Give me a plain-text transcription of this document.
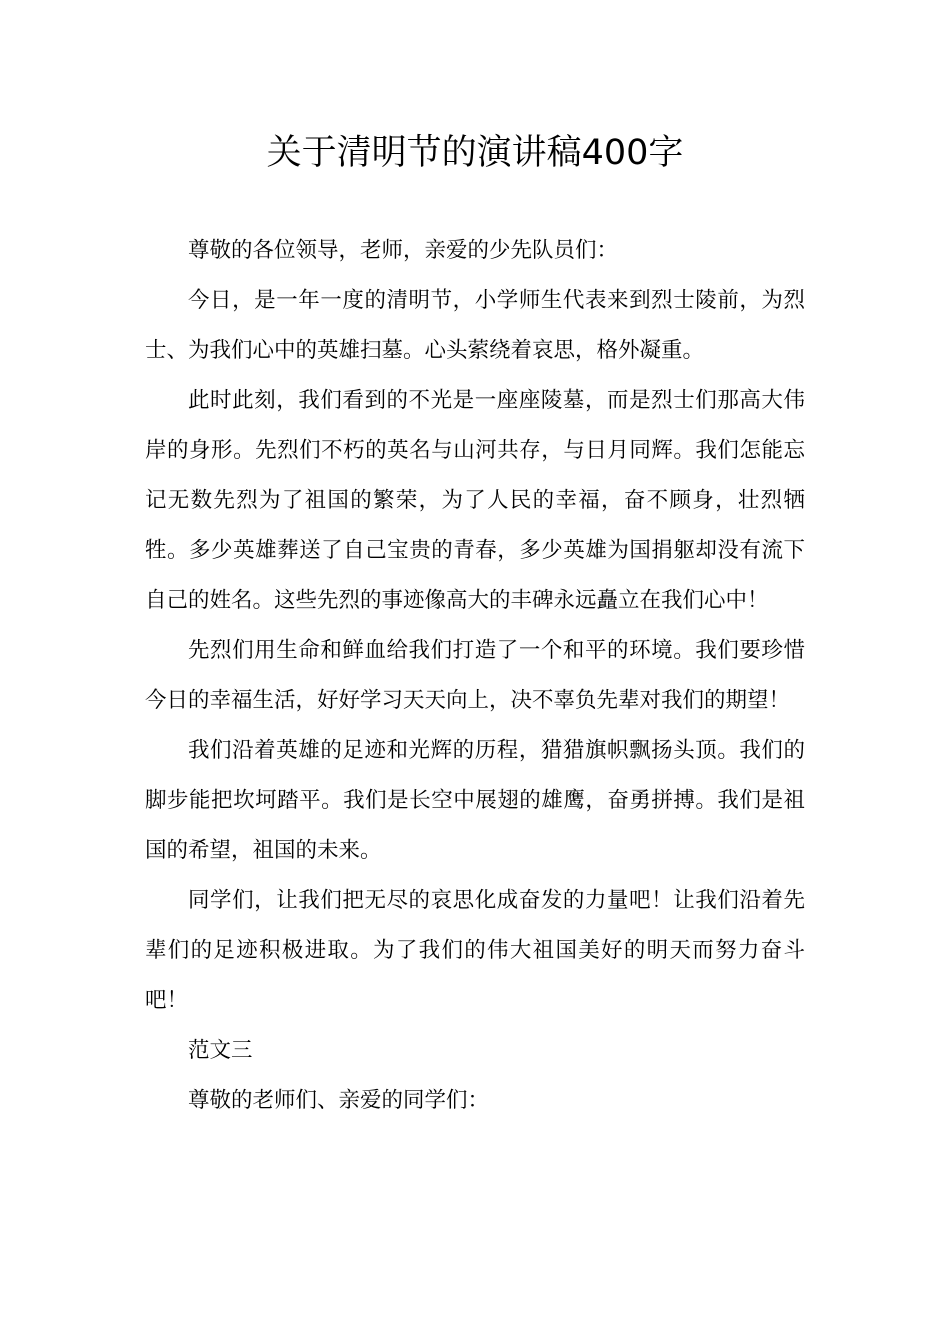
关于清明节的演讲稿400字

尊敬的各位领导，老师，亲爱的少先队员们：

今日，是一年一度的清明节，小学师生代表来到烈士陵前，为烈士、为我们心中的英雄扫墓。心头萦绕着哀思，格外凝重。

此时此刻，我们看到的不光是一座座陵墓，而是烈士们那高大伟岸的身形。先烈们不朽的英名与山河共存，与日月同辉。我们怎能忘记无数先烈为了祖国的繁荣，为了人民的幸福，奋不顾身，壮烈牺牲。多少英雄葬送了自己宝贵的青春，多少英雄为国捐躯却没有流下自己的姓名。这些先烈的事迹像高大的丰碑永远矗立在我们心中！

先烈们用生命和鲜血给我们打造了一个和平的环境。我们要珍惜今日的幸福生活，好好学习天天向上，决不辜负先辈对我们的期望！

我们沿着英雄的足迹和光辉的历程，猎猎旗帜飘扬头顶。我们的脚步能把坎坷踏平。我们是长空中展翅的雄鹰，奋勇拼搏。我们是祖国的希望，祖国的未来。

同学们，让我们把无尽的哀思化成奋发的力量吧！让我们沿着先辈们的足迹积极进取。为了我们的伟大祖国美好的明天而努力奋斗吧！

范文三

尊敬的老师们、亲爱的同学们：
